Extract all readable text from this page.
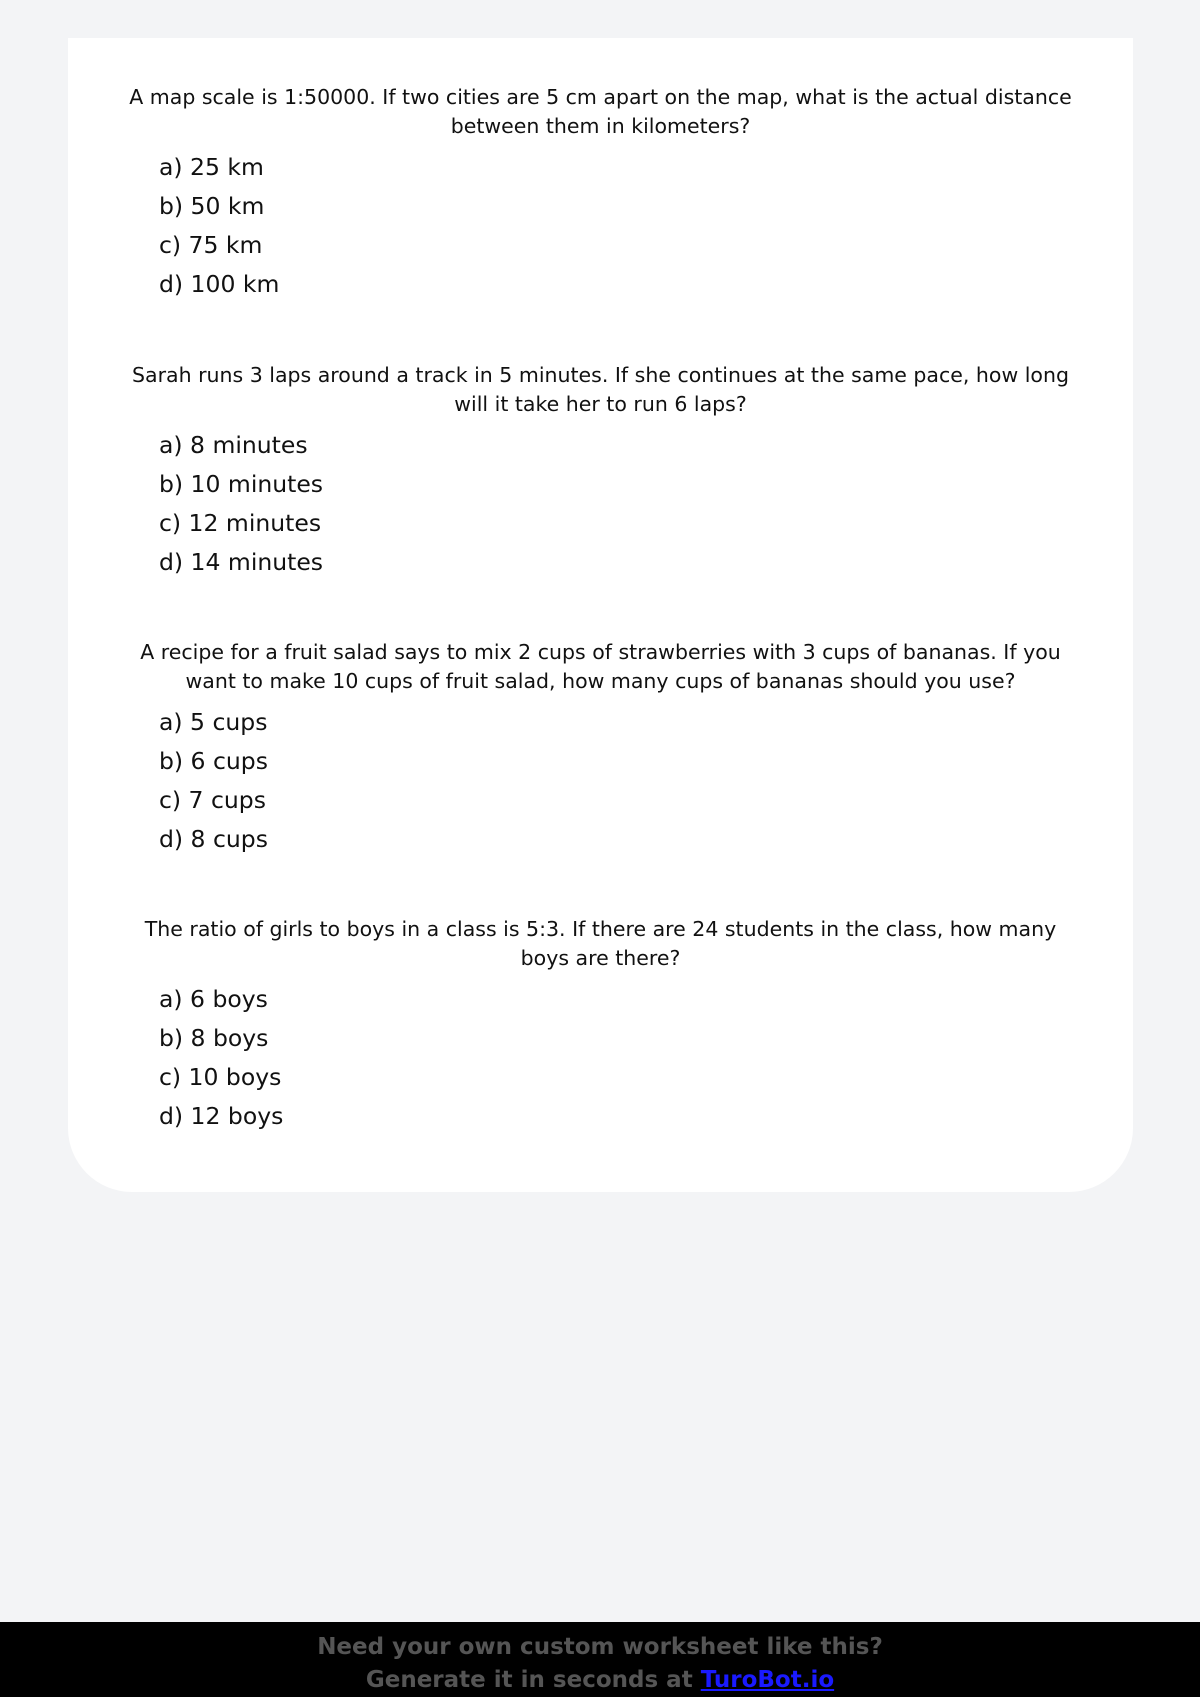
A map scale is 1:50000. If two cities are 5 cm apart on the map, what is the actual distance between them in kilometers?

a) 25 km
b) 50 km
c) 75 km
d) 100 km

Sarah runs 3 laps around a track in 5 minutes. If she continues at the same pace, how long will it take her to run 6 laps?

a) 8 minutes
b) 10 minutes
c) 12 minutes
d) 14 minutes

A recipe for a fruit salad says to mix 2 cups of strawberries with 3 cups of bananas. If you want to make 10 cups of fruit salad, how many cups of bananas should you use?

a) 5 cups
b) 6 cups
c) 7 cups
d) 8 cups

The ratio of girls to boys in a class is 5:3. If there are 24 students in the class, how many boys are there?

a) 6 boys
b) 8 boys
c) 10 boys
d) 12 boys
Need your own custom worksheet like this?
Generate it in seconds at TuroBot.io
